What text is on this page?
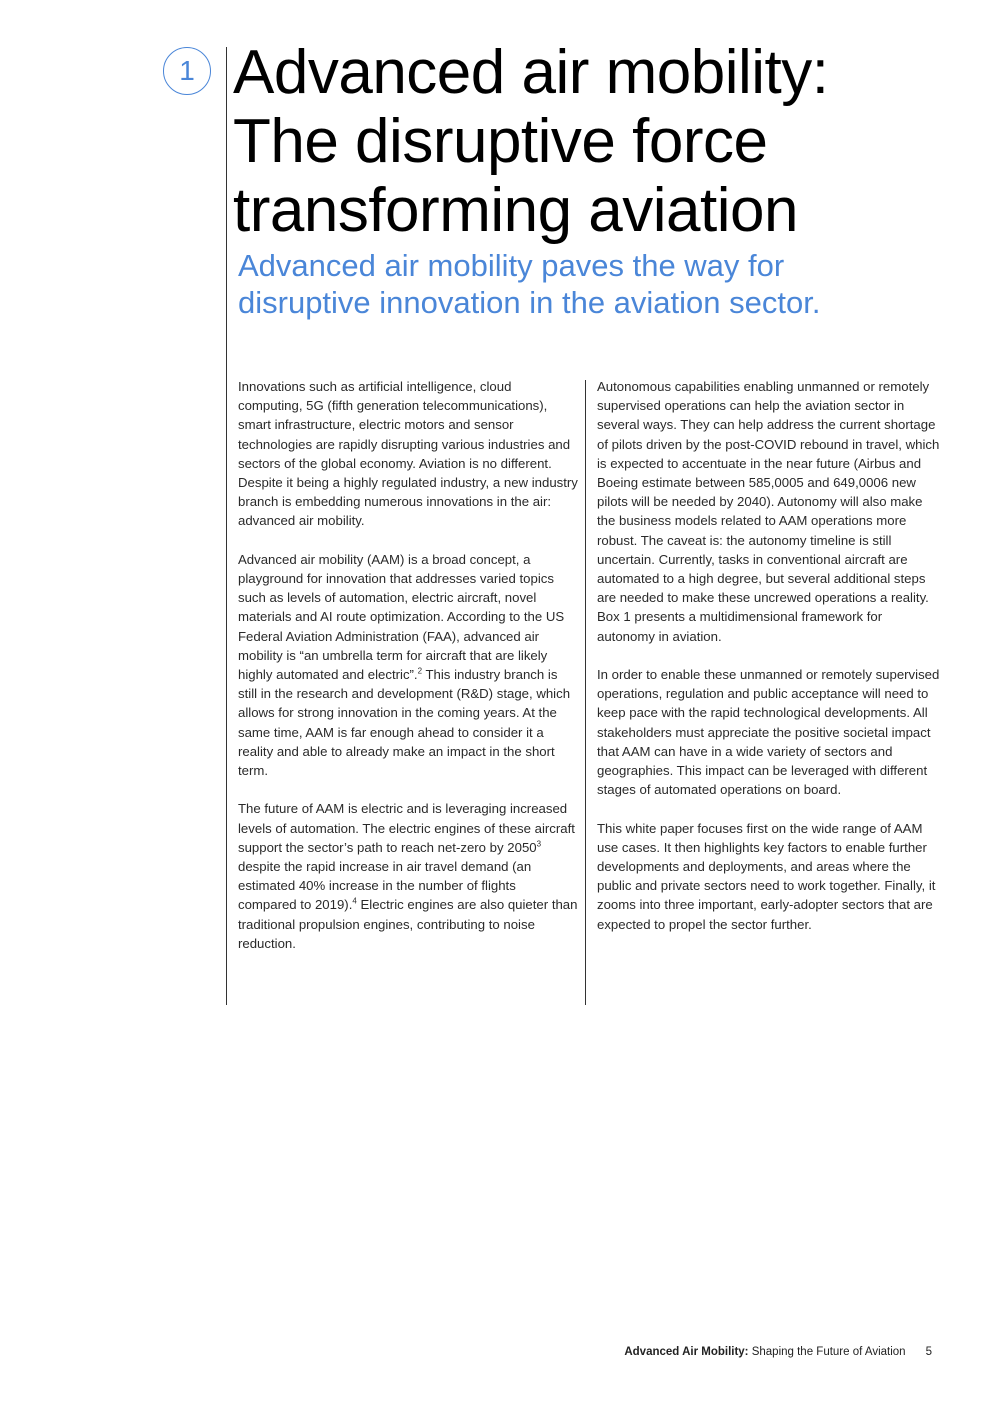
1 Advanced air mobility:
The disruptive force
transforming aviation
Advanced air mobility paves the way for
disruptive innovation in the aviation sector.

Innovations such as artificial intelligence, cloud computing, 5G (fifth generation telecommunications), smart infrastructure, electric motors and sensor technologies are rapidly disrupting various industries and sectors of the global economy. Aviation is no different. Despite it being a highly regulated industry, a new industry branch is embedding numerous innovations in the air: advanced air mobility.

Advanced air mobility (AAM) is a broad concept, a playground for innovation that addresses varied topics such as levels of automation, electric aircraft, novel materials and AI route optimization. According to the US Federal Aviation Administration (FAA), advanced air mobility is “an umbrella term for aircraft that are likely highly automated and electric”.$^2$ This industry branch is still in the research and development (R&D) stage, which allows for strong innovation in the coming years. At the same time, AAM is far enough ahead to consider it a reality and able to already make an impact in the short term.

The future of AAM is electric and is leveraging increased levels of automation. The electric engines of these aircraft support the sector’s path to reach net-zero by 2050$^3$ despite the rapid increase in air travel demand (an estimated 40% increase in the number of flights compared to 2019).$^4$ Electric engines are also quieter than traditional propulsion engines, contributing to noise reduction.

Autonomous capabilities enabling unmanned or remotely supervised operations can help the aviation sector in several ways. They can help address the current shortage of pilots driven by the post-COVID rebound in travel, which is expected to accentuate in the near future (Airbus and Boeing estimate between 585,0005 and 649,0006 new pilots will be needed by 2040). Autonomy will also make the business models related to AAM operations more robust. The caveat is: the autonomy timeline is still uncertain. Currently, tasks in conventional aircraft are automated to a high degree, but several additional steps are needed to make these uncrewed operations a reality. Box 1 presents a multidimensional framework for autonomy in aviation.

In order to enable these unmanned or remotely supervised operations, regulation and public acceptance will need to keep pace with the rapid technological developments. All stakeholders must appreciate the positive societal impact that AAM can have in a wide variety of sectors and geographies. This impact can be leveraged with different stages of automated operations on board.

This white paper focuses first on the wide range of AAM use cases. It then highlights key factors to enable further developments and deployments, and areas where the public and private sectors need to work together. Finally, it zooms into three important, early-adopter sectors that are expected to propel the sector further.

Advanced Air Mobility: Shaping the Future of Aviation 5
